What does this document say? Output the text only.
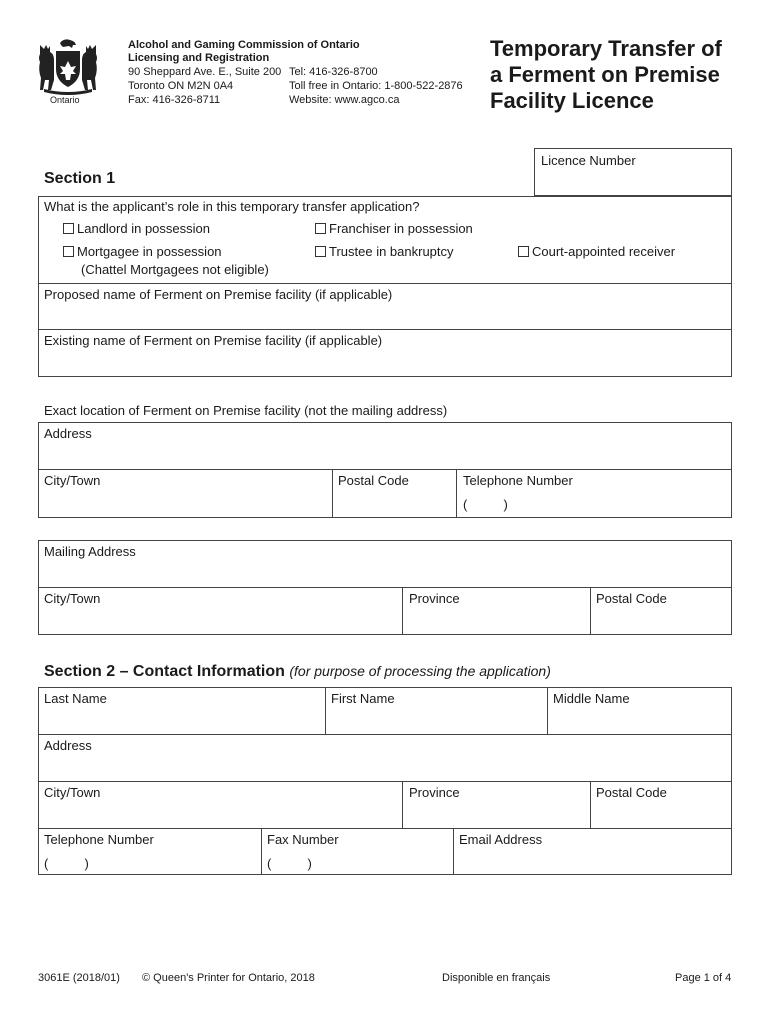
Ontario
Alcohol and Gaming Commission of Ontario
Licensing and Registration
90 Sheppard Ave. E., Suite 200
Toronto ON M2N 0A4
Fax: 416-326-8711
Tel: 416-326-8700
Toll free in Ontario: 1-800-522-2876
Website: www.agco.ca
Temporary Transfer of
a Ferment on Premise
Facility Licence
Licence Number
Section 1
What is the applicant’s role in this temporary transfer application?
Landlord in possession	Franchiser in possession
Mortgagee in possession
(Chattel Mortgagees not eligible)
Trustee in bankruptcy	Court-appointed receiver
Proposed name of Ferment on Premise facility (if applicable)
Existing name of Ferment on Premise facility (if applicable)
Exact location of Ferment on Premise facility (not the mailing address)
Address
City/Town	Postal Code	Telephone Number
(          )
Mailing Address
City/Town	Province	Postal Code
Section 2 – Contact Information (for purpose of processing the application)
Last Name	First Name	Middle Name
Address
City/Town	Province	Postal Code
Telephone Number
(          )
Fax Number
(          )
Email Address
3061E (2018/01) © Queen's Printer for Ontario, 2018	Disponible en français	Page 1 of 4
